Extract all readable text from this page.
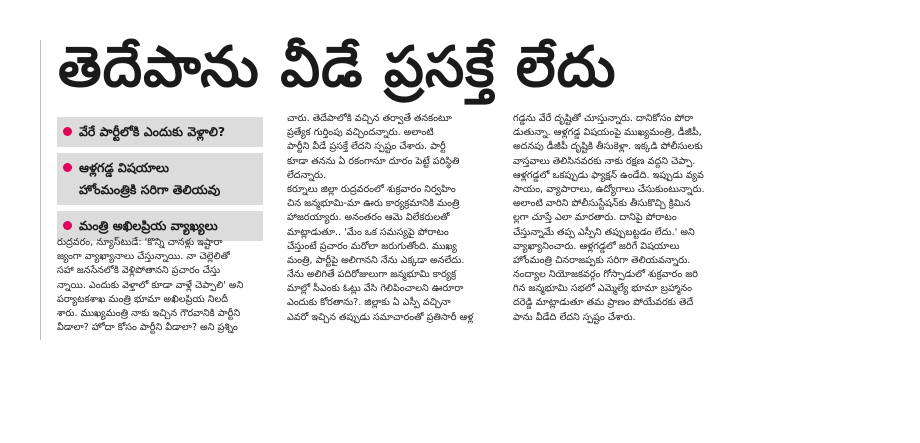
తెదేపాను వీడే ప్రసక్తే లేదు
వేరే పార్టీలోకి ఎందుకు వెళ్లాలి?
ఆళ్లగడ్డ విషయాలు
హోంమంత్రికి సరిగా తెలియవు
మంత్రి అఖిలప్రియ వ్యాఖ్యలు
రుద్రవరం, న్యూస్‌టుడే: 'కొన్ని చానళ్లు ఇష్టారా
జ్యంగా వ్యాఖ్యానాలు చేస్తున్నాయి. నా చెల్లెలితో
సహా జనసేనలోకి వెళ్లిపోతానని ప్రచారం చేస్తు
న్నాయి. ఎందుకు వెళ్తాలో కూడా వాళ్లే చెప్పాలి' అని
పర్యాటకశాఖ మంత్రి భూమా అఖిలప్రియ నిలదీ
శారు. ముఖ్యమంత్రి నాకు ఇచ్చిన గౌరవానికి పార్టీని
వీడాలా? హోదా కోసం పార్టీని వీడాలా? అని ప్రశ్నిం
చారు. తెదేపాలోకి వచ్చిన తర్వాతే తనకంటూ
ప్రత్యేక గుర్తింపు వచ్చిందన్నారు. అలాంటి
పార్టీని వీడే ప్రసక్తే లేదని స్పష్టం చేశారు. పార్టీ
కూడా తనను ఏ రకంగానూ దూరం పెట్టే పరిస్థితి
లేదన్నారు.
కర్నూలు జిల్లా రుద్రవరంలో శుక్రవారం నిర్వహిం
చిన జన్మభూమి-మా ఊరు కార్యక్రమానికి మంత్రి
హాజరయ్యారు. అనంతరం ఆమె విలేకరులతో
మాట్లాడుతూ.. 'మేం ఒక సమస్యపై పోరాటం
చేస్తుంటే ప్రచారం మరోలా జరుగుతోంది. ముఖ్య
మంత్రి, పార్టీపై అలిగానని నేను ఎక్కడా అనలేదు.
నేను అలిగితే పదిరోజులుగా జన్మభూమి కార్యక్ర
మాల్లో సీఎంకు ఓట్లు వేసి గెలిపించాలని ఊరూరా
ఎందుకు కోరతాను?. జిల్లాకు ఏ ఎస్పీ వచ్చినా
ఎవరో ఇచ్చిన తప్పుడు సమాచారంతో ప్రతిసారీ ఆళ్ల
గడ్డను వేరే దృష్టితో చూస్తున్నారు. దానికోసం పోరా
డుతున్నా. ఆళ్లగడ్డ విషయంపై ముఖ్యమంత్రి, డీజీపీ,
అదనపు డీజీపీ దృష్టికి తీసుకెళ్లా. ఇక్కడి పోలీసులకు
వాస్తవాలు తెలిసినవరకు నాకు రక్షణ వద్దని చెప్పా.
ఆళ్లగడ్డలో ఒకప్పుడు ఫ్యాక్షన్ ఉండేది. ఇప్పుడు వ్యవ
సాయం, వ్యాపారాలు, ఉద్యోగాలు చేసుకుంటున్నారు.
అలాంటి వారిని పోలీసుస్టేషన్‌కు తీసుకొచ్చి క్రిమిన
ల్లగా చూస్తే ఎలా మారతారు. దానిపై పోరాటం
చేస్తున్నామే తప్ప ఎస్పీని తప్పుబట్టడం లేదు.' అని
వ్యాఖ్యానించారు. ఆళ్లగడ్డలో జరిగే విషయాలు
హోంమంత్రి చినరాజప్పకు సరిగా తెలియవన్నారు.
నంద్యాల నియోజకవర్గం గోస్పాడులో శుక్రవారం జరి
గిన జన్మభూమి సభలో ఎమ్మెల్యే భూమా బ్రహ్మానం
దరెడ్డి మాట్లాడుతూ తమ ప్రాణం పోయేవరకు తెదే
పాను వీడేది లేదని స్పష్టం చేశారు.
